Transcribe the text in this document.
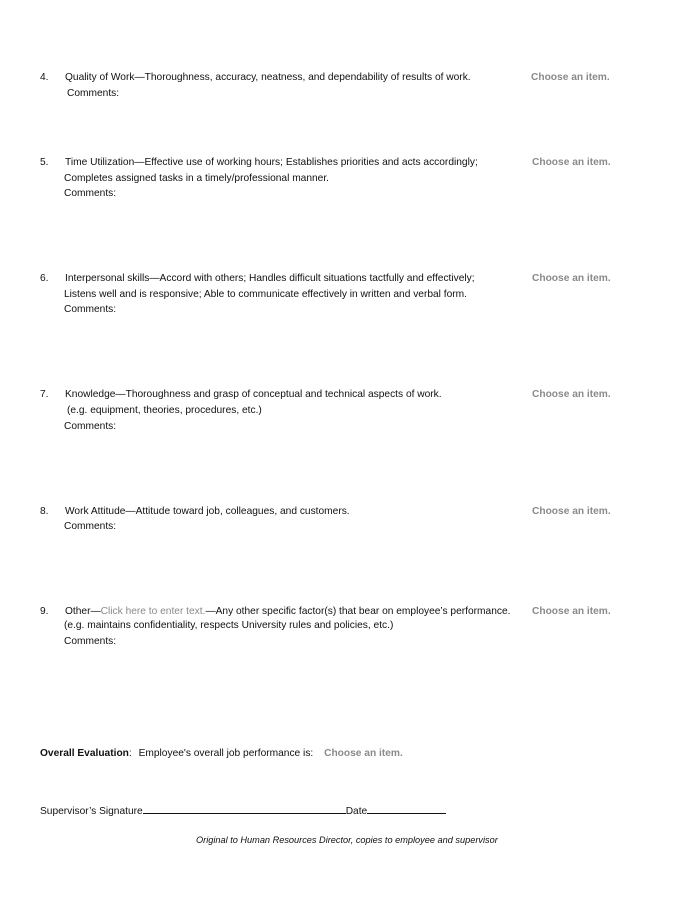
4. Quality of Work—Thoroughness, accuracy, neatness, and dependability of results of work.	Choose an item.
Comments:
5. Time Utilization—Effective use of working hours; Establishes priorities and acts accordingly;	Choose an item.
Completes assigned tasks in a timely/professional manner.
Comments:
6. Interpersonal skills—Accord with others; Handles difficult situations tactfully and effectively;	Choose an item.
Listens well and is responsive; Able to communicate effectively in written and verbal form.
Comments:
7. Knowledge—Thoroughness and grasp of conceptual and technical aspects of work.	Choose an item.
(e.g. equipment, theories, procedures, etc.)
Comments:
8. Work Attitude—Attitude toward job, colleagues, and customers.	Choose an item.
Comments:
9. Other—Click here to enter text.—Any other specific factor(s) that bear on employee’s performance. Choose an item.
(e.g. maintains confidentiality, respects University rules and policies, etc.)
Comments:
Overall Evaluation: Employee's overall job performance is: Choose an item.
Supervisor’s Signature	Date
Original to Human Resources Director, copies to employee and supervisor
